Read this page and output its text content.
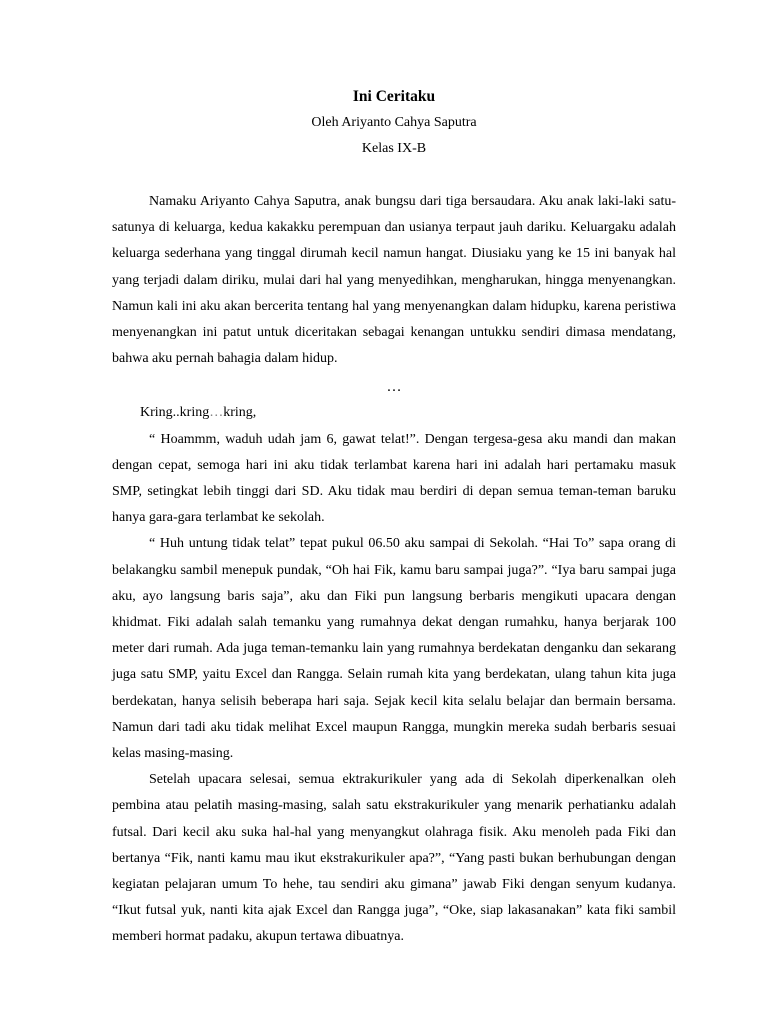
Ini Ceritaku
Oleh Ariyanto Cahya Saputra
Kelas IX-B

Namaku Ariyanto Cahya Saputra, anak bungsu dari tiga bersaudara. Aku anak laki-laki satu-satunya di keluarga, kedua kakakku perempuan dan usianya terpaut jauh dariku. Keluargaku adalah keluarga sederhana yang tinggal dirumah kecil namun hangat. Diusiaku yang ke 15 ini banyak hal yang terjadi dalam diriku, mulai dari hal yang menyedihkan, mengharukan, hingga menyenangkan. Namun kali ini aku akan bercerita tentang hal yang menyenangkan dalam hidupku, karena peristiwa menyenangkan ini patut untuk diceritakan sebagai kenangan untukku sendiri dimasa mendatang, bahwa aku pernah bahagia dalam hidup.

…

Kring..kring…kring,

“ Hoammm, waduh udah jam 6, gawat telat!”. Dengan tergesa-gesa aku mandi dan makan dengan cepat, semoga hari ini aku tidak terlambat karena hari ini adalah hari pertamaku masuk SMP, setingkat lebih tinggi dari SD. Aku tidak mau berdiri di depan semua teman-teman baruku hanya gara-gara terlambat ke sekolah.

“ Huh untung tidak telat” tepat pukul 06.50 aku sampai di Sekolah. “Hai To” sapa orang di belakangku sambil menepuk pundak, “Oh hai Fik, kamu baru sampai juga?”. “Iya baru sampai juga aku, ayo langsung baris saja”, aku dan Fiki pun langsung berbaris mengikuti upacara dengan khidmat. Fiki adalah salah temanku yang rumahnya dekat dengan rumahku, hanya berjarak 100 meter dari rumah. Ada juga teman-temanku lain yang rumahnya berdekatan denganku dan sekarang juga satu SMP, yaitu Excel dan Rangga. Selain rumah kita yang berdekatan, ulang tahun kita juga berdekatan, hanya selisih beberapa hari saja. Sejak kecil kita selalu belajar dan bermain bersama. Namun dari tadi aku tidak melihat Excel maupun Rangga, mungkin mereka sudah berbaris sesuai kelas masing-masing.

Setelah upacara selesai, semua ektrakurikuler yang ada di Sekolah diperkenalkan oleh pembina atau pelatih masing-masing, salah satu ekstrakurikuler yang menarik perhatianku adalah futsal. Dari kecil aku suka hal-hal yang menyangkut olahraga fisik. Aku menoleh pada Fiki dan bertanya “Fik, nanti kamu mau ikut ekstrakurikuler apa?”, “Yang pasti bukan berhubungan dengan kegiatan pelajaran umum To hehe, tau sendiri aku gimana” jawab Fiki dengan senyum kudanya. “Ikut futsal yuk, nanti kita ajak Excel dan Rangga juga”, “Oke, siap lakasanakan” kata fiki sambil memberi hormat padaku, akupun tertawa dibuatnya.
